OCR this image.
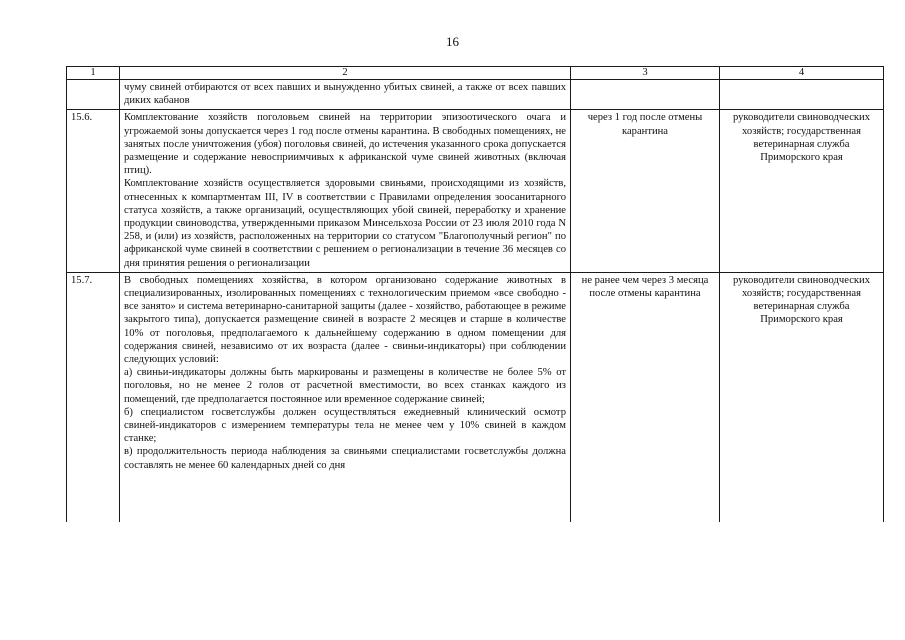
16
1	2	3	4

	чуму свиней отбираются от всех павших и вынужденно убитых свиней, а также от всех павших диких кабанов		

15.6.	Комплектование хозяйств поголовьем свиней на территории эпизоотического очага и угрожаемой зоны допускается через 1 год после отмены карантина. В свободных помещениях, не занятых после уничтожения (убоя) поголовья свиней, до истечения указанного срока допускается размещение и содержание невосприимчивых к африканской чуме свиней животных (включая птиц).
Комплектование хозяйств осуществляется здоровыми свиньями, происходящими из хозяйств, отнесенных к компартментам III, IV в соответствии с Правилами определения зоосанитарного статуса хозяйств, а также организаций, осуществляющих убой свиней, переработку и хранение продукции свиноводства, утвержденными приказом Минсельхоза России от 23 июля 2010 года N 258, и (или) из хозяйств, расположенных на территории со статусом "Благополучный регион" по африканской чуме свиней в соответствии с решением о регионализации в течение 36 месяцев со дня принятия решения о регионализации	через 1 год после отмены карантина	руководители свиноводческих хозяйств; государственная ветеринарная служба Приморского края
15.7.	В свободных помещениях хозяйства, в котором организовано содержание животных в специализированных, изолированных помещениях с технологическим приемом «все свободно - все занято» и система ветеринарно-санитарной защиты (далее - хозяйство, работающее в режиме закрытого типа), допускается размещение свиней в возрасте 2 месяцев и старше в количестве 10% от поголовья, предполагаемого к дальнейшему содержанию в одном помещении для содержания свиней, независимо от их возраста (далее - свиньи-индикаторы) при соблюдении следующих условий:
а) свиньи-индикаторы должны быть маркированы и размещены в количестве не более 5% от поголовья, но не менее 2 голов от расчетной вместимости, во всех станках каждого из помещений, где предполагается постоянное или временное содержание свиней;
б) специалистом госветслужбы должен осуществляться ежедневный клинический осмотр свиней-индикаторов с измерением температуры тела не менее чем у 10% свиней в каждом станке;
в) продолжительность периода наблюдения за свиньями специалистами госветслужбы должна составлять не менее 60 календарных дней со дня	не ранее чем через 3 месяца после отмены карантина	руководители свиноводческих хозяйств; государственная ветеринарная служба Приморского края
